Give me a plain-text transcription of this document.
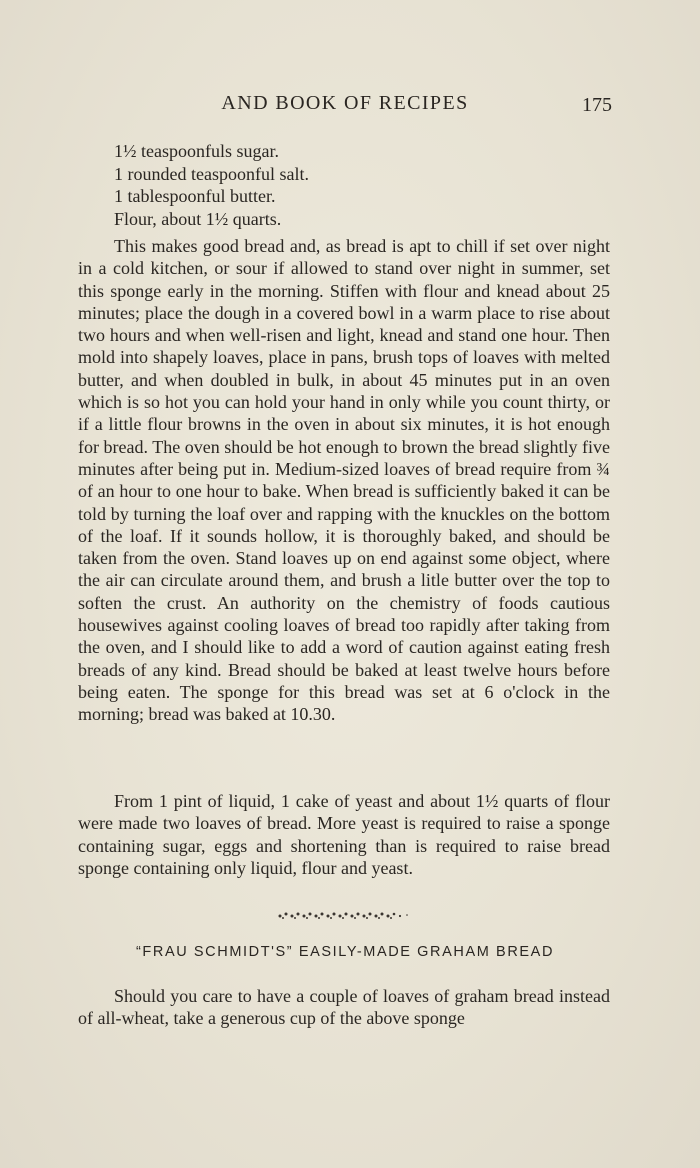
AND BOOK OF RECIPES	175
1½ teaspoonfuls sugar.
1 rounded teaspoonful salt.
1 tablespoonful butter.
Flour, about 1½ quarts.

This makes good bread and, as bread is apt to chill if set over night in a cold kitchen, or sour if allowed to stand over night in summer, set this sponge early in the morning. Stiffen with flour and knead about 25 minutes; place the dough in a covered bowl in a warm place to rise about two hours and when well-risen and light, knead and stand one hour. Then mold into shapely loaves, place in pans, brush tops of loaves with melted butter, and when doubled in bulk, in about 45 minutes put in an oven which is so hot you can hold your hand in only while you count thirty, or if a little flour browns in the oven in about six minutes, it is hot enough for bread. The oven should be hot enough to brown the bread slightly five minutes after being put in. Medium-sized loaves of bread require from ¾ of an hour to one hour to bake. When bread is sufficiently baked it can be told by turning the loaf over and rapping with the knuckles on the bottom of the loaf. If it sounds hollow, it is thoroughly baked, and should be taken from the oven. Stand loaves up on end against some object, where the air can circulate around them, and brush a litle butter over the top to soften the crust. An authority on the chemistry of foods cautious housewives against cooling loaves of bread too rapidly after taking from the oven, and I should like to add a word of caution against eating fresh breads of any kind. Bread should be baked at least twelve hours before being eaten. The sponge for this bread was set at 6 o'clock in the morning; bread was baked at 10.30.

From 1 pint of liquid, 1 cake of yeast and about 1½ quarts of flour were made two loaves of bread. More yeast is required to raise a sponge containing sugar, eggs and shortening than is required to raise bread sponge containing only liquid, flour and yeast.

“FRAU SCHMIDT'S” EASILY-MADE GRAHAM BREAD

Should you care to have a couple of loaves of graham bread instead of all-wheat, take a generous cup of the above sponge
